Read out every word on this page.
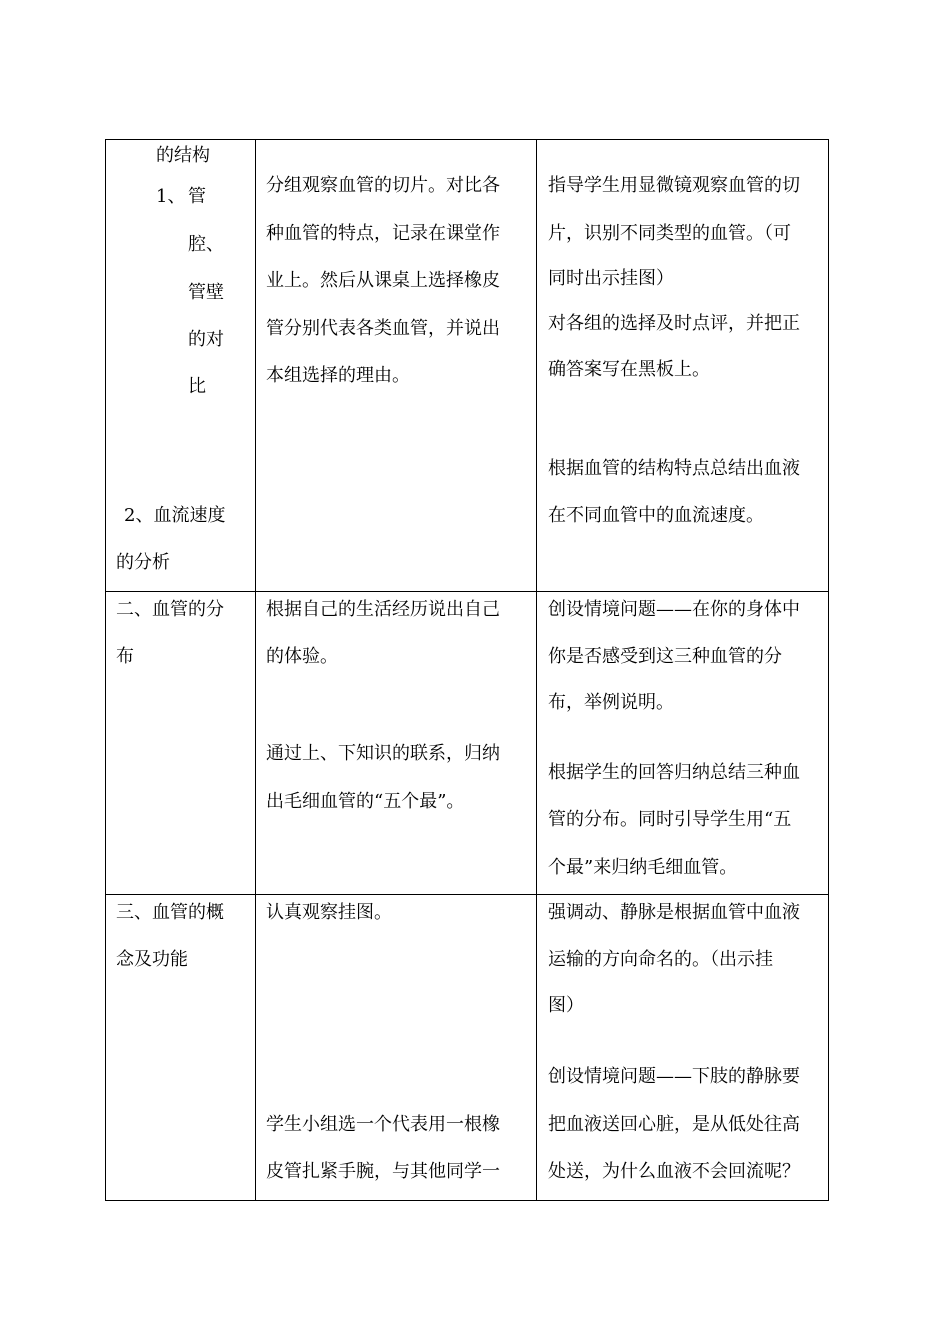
的结构
1、 管
腔、
管壁
的对
比
2、血流速度
的分析
分组观察血管的切片。对比各
种血管的特点，记录在课堂作
业上。然后从课桌上选择橡皮
管分别代表各类血管，并说出
本组选择的理由。
指导学生用显微镜观察血管的切
片，识别不同类型的血管。（可
同时出示挂图）
对各组的选择及时点评，并把正
确答案写在黑板上。
根据血管的结构特点总结出血液
在不同血管中的血流速度。
二、血管的分
布
根据自己的生活经历说出自己
的体验。
通过上、下知识的联系，归纳
出毛细血管的“五个最”。
创设情境问题——在你的身体中
你是否感受到这三种血管的分
布，举例说明。
根据学生的回答归纳总结三种血
管的分布。同时引导学生用“五
个最”来归纳毛细血管。
三、血管的概
念及功能
认真观察挂图。
学生小组选一个代表用一根橡
皮管扎紧手腕，与其他同学一
强调动、静脉是根据血管中血液
运输的方向命名的。（出示挂
图）
创设情境问题——下肢的静脉要
把血液送回心脏，是从低处往高
处送，为什么血液不会回流呢？
